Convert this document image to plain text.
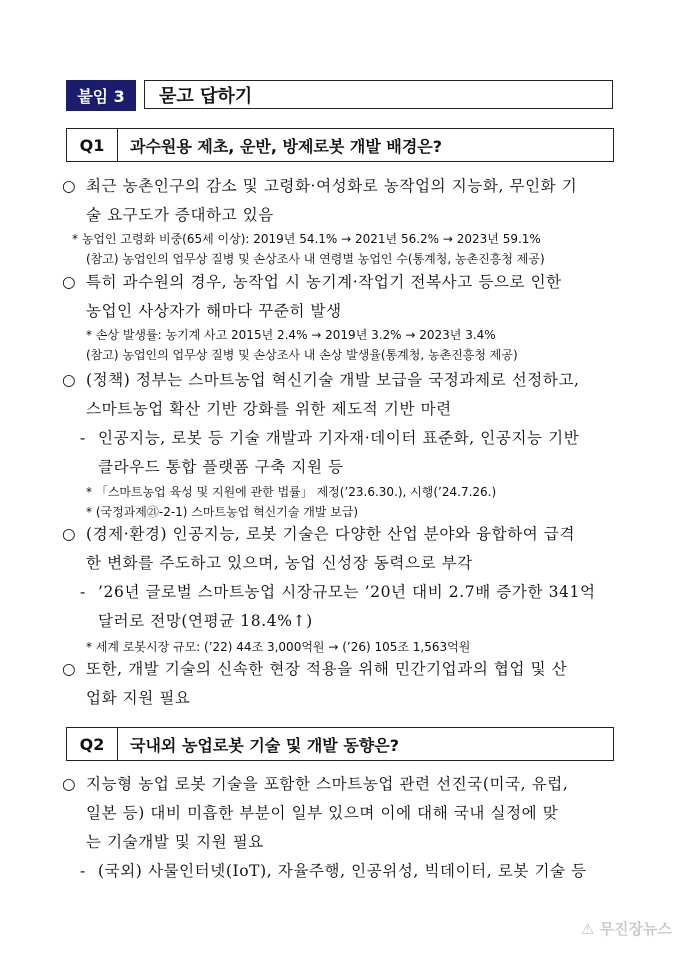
붙임 3	묻고 답하기
Q1	과수원용 제초, 운반, 방제로봇 개발 배경은?
○ 최근 농촌인구의 감소 및 고령화·여성화로 농작업의 지능화, 무인화 기
술 요구도가 증대하고 있음
* 농업인 고령화 비중(65세 이상): 2019년 54.1% → 2021년 56.2% → 2023년 59.1%
(참고) 농업인의 업무상 질병 및 손상조사 내 연령별 농업인 수(통계청, 농촌진흥청 제공)
○ 특히 과수원의 경우, 농작업 시 농기계·작업기 전복사고 등으로 인한
농업인 사상자가 해마다 꾸준히 발생
* 손상 발생률: 농기계 사고 2015년 2.4% → 2019년 3.2% → 2023년 3.4%
(참고) 농업인의 업무상 질병 및 손상조사 내 손상 발생율(통계청, 농촌진흥청 제공)
○ (정책) 정부는 스마트농업 혁신기술 개발 보급을 국정과제로 선정하고,
스마트농업 확산 기반 강화를 위한 제도적 기반 마련
- 인공지능, 로봇 등 기술 개발과 기자재·데이터 표준화, 인공지능 기반
클라우드 통합 플랫폼 구축 지원 등
* 「스마트농업 육성 및 지원에 관한 법률」 제정(’23.6.30.), 시행(’24.7.26.)
* (국정과제㉑-2-1) 스마트농업 혁신기술 개발 보급)
○ (경제·환경) 인공지능, 로봇 기술은 다양한 산업 분야와 융합하여 급격
한 변화를 주도하고 있으며, 농업 신성장 동력으로 부각
- ’26년 글로벌 스마트농업 시장규모는 ’20년 대비 2.7배 증가한 341억
달러로 전망(연평균 18.4%↑)
* 세계 로봇시장 규모: (’22) 44조 3,000억원 → (’26) 105조 1,563억원
○ 또한, 개발 기술의 신속한 현장 적용을 위해 민간기업과의 협업 및 산
업화 지원 필요
Q2	국내외 농업로봇 기술 및 개발 동향은?
○ 지능형 농업 로봇 기술을 포함한 스마트농업 관련 선진국(미국, 유럽,
일본 등) 대비 미흡한 부분이 일부 있으며 이에 대해 국내 실정에 맞
는 기술개발 및 지원 필요
- (국외) 사물인터넷(IoT), 자율주행, 인공위성, 빅데이터, 로봇 기술 등
⚠ 무진장뉴스
